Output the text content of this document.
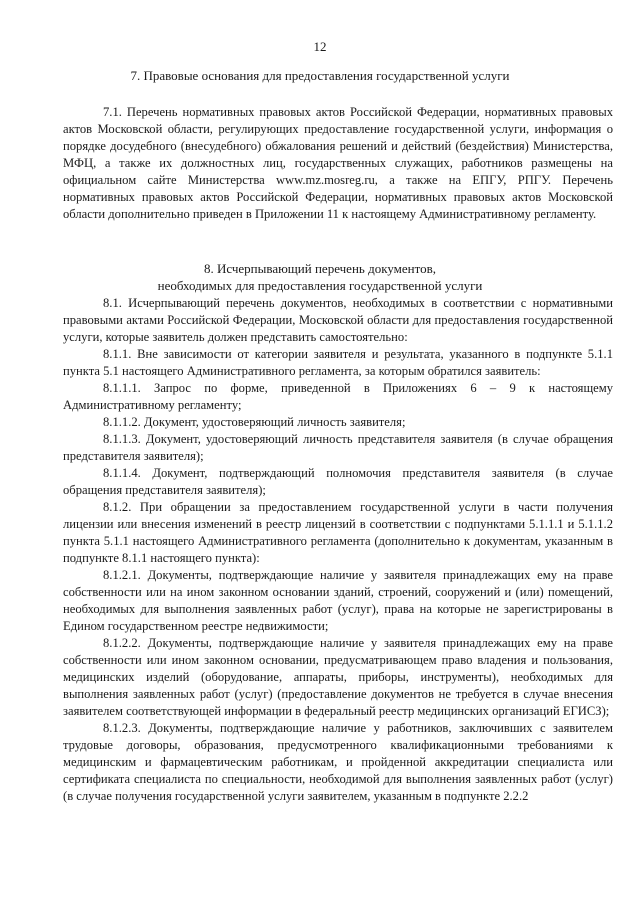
12
7. Правовые основания для предоставления государственной услуги

7.1. Перечень нормативных правовых актов Российской Федерации, нормативных правовых актов Московской области, регулирующих предоставление государственной услуги, информация о порядке досудебного (внесудебного) обжалования решений и действий (бездействия) Министерства, МФЦ, а также их должностных лиц, государственных служащих, работников размещены на официальном сайте Министерства www.mz.mosreg.ru, а также на ЕПГУ, РПГУ. Перечень нормативных правовых актов Российской Федерации, нормативных правовых актов Московской области дополнительно приведен в Приложении 11 к настоящему Административному регламенту.

8. Исчерпывающий перечень документов,
необходимых для предоставления государственной услуги

8.1. Исчерпывающий перечень документов, необходимых в соответствии с нормативными правовыми актами Российской Федерации, Московской области для предоставления государственной услуги, которые заявитель должен представить самостоятельно:

8.1.1. Вне зависимости от категории заявителя и результата, указанного в подпункте 5.1.1 пункта 5.1 настоящего Административного регламента, за которым обратился заявитель:

8.1.1.1. Запрос по форме, приведенной в Приложениях 6 – 9 к настоящему Административному регламенту;

8.1.1.2. Документ, удостоверяющий личность заявителя;

8.1.1.3. Документ, удостоверяющий личность представителя заявителя (в случае обращения представителя заявителя);

8.1.1.4. Документ, подтверждающий полномочия представителя заявителя (в случае обращения представителя заявителя);

8.1.2. При обращении за предоставлением государственной услуги в части получения лицензии или внесения изменений в реестр лицензий в соответствии с подпунктами 5.1.1.1 и 5.1.1.2 пункта 5.1.1 настоящего Административного регламента (дополнительно к документам, указанным в подпункте 8.1.1 настоящего пункта):

8.1.2.1. Документы, подтверждающие наличие у заявителя принадлежащих ему на праве собственности или на ином законном основании зданий, строений, сооружений и (или) помещений, необходимых для выполнения заявленных работ (услуг), права на которые не зарегистрированы в Едином государственном реестре недвижимости;

8.1.2.2. Документы, подтверждающие наличие у заявителя принадлежащих ему на праве собственности или ином законном основании, предусматривающем право владения и пользования, медицинских изделий (оборудование, аппараты, приборы, инструменты), необходимых для выполнения заявленных работ (услуг) (предоставление документов не требуется в случае внесения заявителем соответствующей информации в федеральный реестр медицинских организаций ЕГИСЗ);

8.1.2.3. Документы, подтверждающие наличие у работников, заключивших с заявителем трудовые договоры, образования, предусмотренного квалификационными требованиями к медицинским и фармацевтическим работникам, и пройденной аккредитации специалиста или сертификата специалиста по специальности, необходимой для выполнения заявленных работ (услуг) (в случае получения государственной услуги заявителем, указанным в подпункте 2.2.2
